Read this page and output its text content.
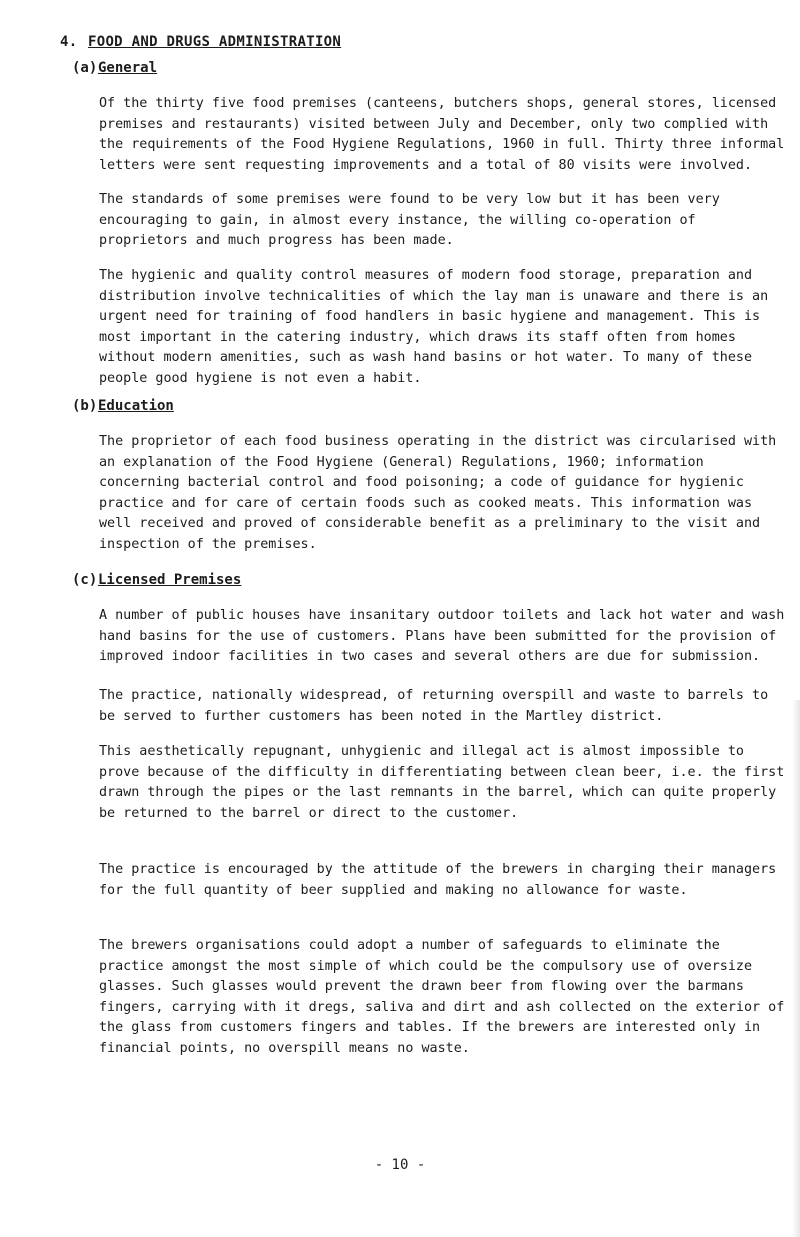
4. FOOD AND DRUGS ADMINISTRATION
(a)General

Of the thirty five food premises (canteens, butchers shops, general stores, licensed premises and restaurants) visited between July and December, only two complied with the requirements of the Food Hygiene Regulations, 1960 in full. Thirty three informal letters were sent requesting improvements and a total of 80 visits were involved.

The standards of some premises were found to be very low but it has been very encouraging to gain, in almost every instance, the willing co-operation of proprietors and much progress has been made.

The hygienic and quality control measures of modern food storage, preparation and distribution involve technicalities of which the lay man is unaware and there is an urgent need for training of food handlers in basic hygiene and management. This is most important in the catering industry, which draws its staff often from homes without modern amenities, such as wash hand basins or hot water. To many of these people good hygiene is not even a habit.

(b)Education

The proprietor of each food business operating in the district was circularised with an explanation of the Food Hygiene (General) Regulations, 1960; information concerning bacterial control and food poisoning; a code of guidance for hygienic practice and for care of certain foods such as cooked meats. This information was well received and proved of considerable benefit as a preliminary to the visit and inspection of the premises.

(c)Licensed Premises

A number of public houses have insanitary outdoor toilets and lack hot water and wash hand basins for the use of customers. Plans have been submitted for the provision of improved indoor facilities in two cases and several others are due for submission.

The practice, nationally widespread, of returning overspill and waste to barrels to be served to further customers has been noted in the Martley district.

This aesthetically repugnant, unhygienic and illegal act is almost impossible to prove because of the difficulty in differentiating between clean beer, i.e. the first drawn through the pipes or the last remnants in the barrel, which can quite properly be returned to the barrel or direct to the customer.

The practice is encouraged by the attitude of the brewers in charging their managers for the full quantity of beer supplied and making no allowance for waste.

The brewers organisations could adopt a number of safeguards to eliminate the practice amongst the most simple of which could be the compulsory use of oversize glasses. Such glasses would prevent the drawn beer from flowing over the barmans fingers, carrying with it dregs, saliva and dirt and ash collected on the exterior of the glass from customers fingers and tables. If the brewers are interested only in financial points, no overspill means no waste.

- 10 -
